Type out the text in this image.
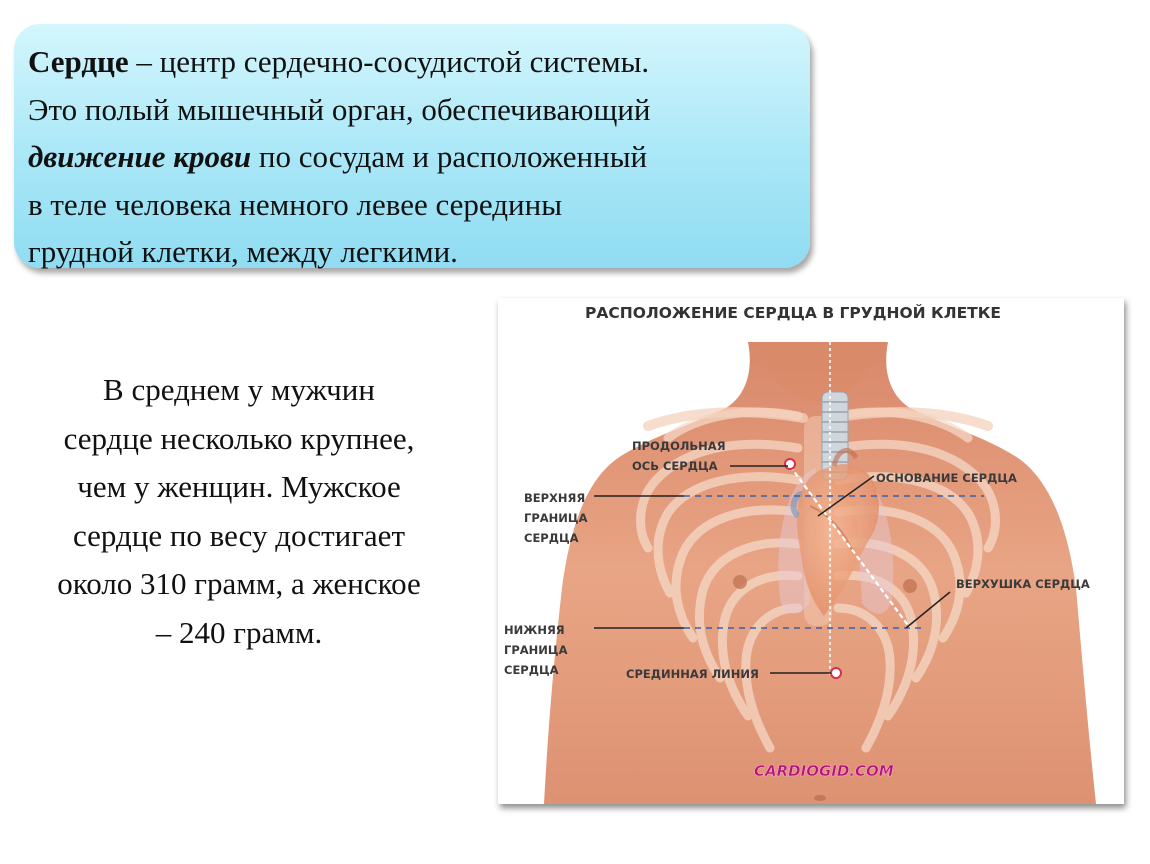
Сердце – центр сердечно-сосудистой системы.
Это полый мышечный орган, обеспечивающий
движение крови по сосудам и расположенный
в теле человека немного левее середины
грудной клетки, между легкими.
В среднем у мужчин
сердце несколько крупнее,
чем у женщин. Мужское
сердце по весу достигает
около 310 грамм, а женское
– 240 грамм.
РАСПОЛОЖЕНИЕ СЕРДЦА В ГРУДНОЙ КЛЕТКЕ
ПРОДОЛЬНАЯ
ОСЬ СЕРДЦА
ОСНОВАНИЕ СЕРДЦА
ВЕРХНЯЯ
ГРАНИЦА
СЕРДЦА
ВЕРХУШКА СЕРДЦА
НИЖНЯЯ
ГРАНИЦА
СЕРДЦА	СРЕДИННАЯ ЛИНИЯ
CARDIOGID.COM
